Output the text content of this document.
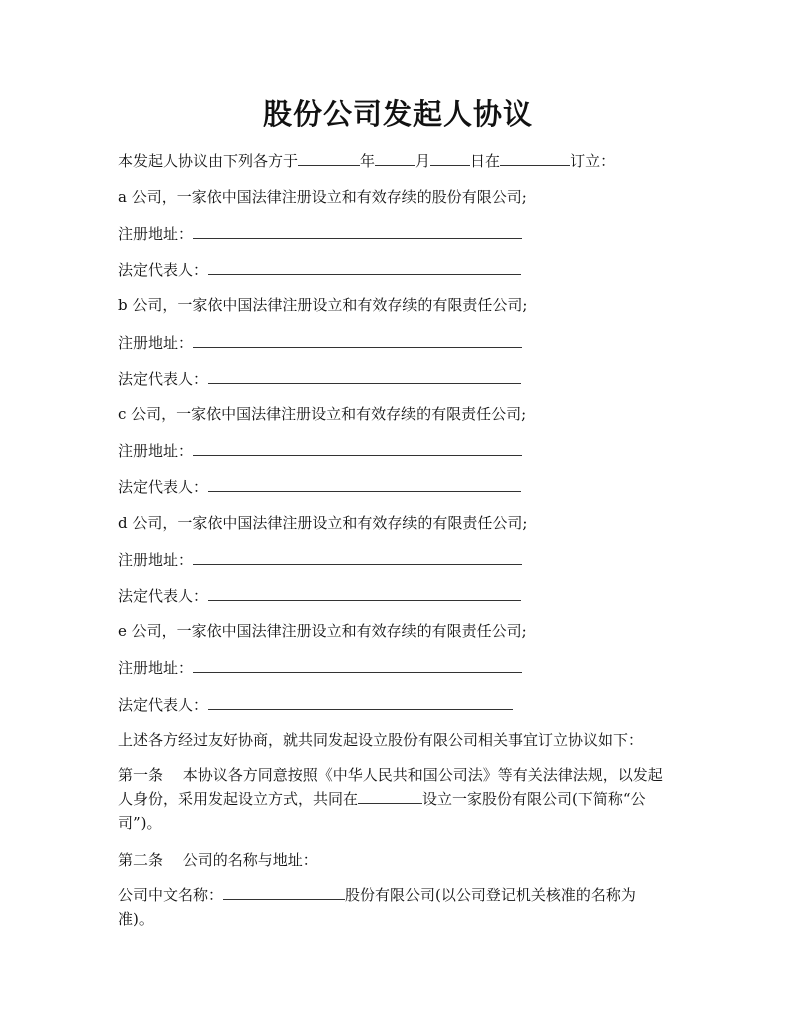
股份公司发起人协议
本发起人协议由下列各方于	年	月	日在	订立：
a 公司，一家依中国法律注册设立和有效存续的股份有限公司;
注册地址：
法定代表人：
b 公司，一家依中国法律注册设立和有效存续的有限责任公司;
注册地址：
法定代表人：
c 公司，一家依中国法律注册设立和有效存续的有限责任公司;
注册地址：
法定代表人：
d 公司，一家依中国法律注册设立和有效存续的有限责任公司;
注册地址：
法定代表人：
e 公司，一家依中国法律注册设立和有效存续的有限责任公司;
注册地址：
法定代表人：
上述各方经过友好协商，就共同发起设立股份有限公司相关事宜订立协议如下：
第一条　 本协议各方同意按照《中华人民共和国公司法》等有关法律法规，以发起人身份，采用发起设立方式，共同在	设立一家股份有限公司(下简称“公司”)。
第二条　 公司的名称与地址：
公司中文名称：	股份有限公司(以公司登记机关核准的名称为准)。
